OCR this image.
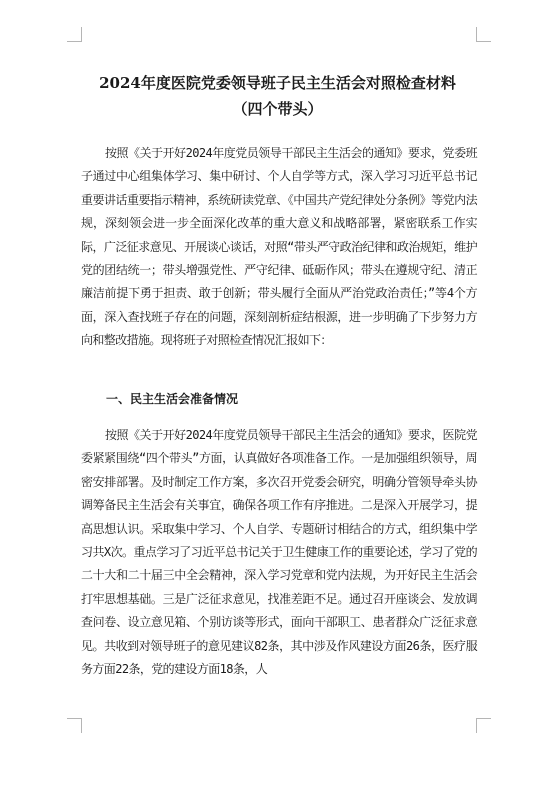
2024年度医院党委领导班子民主生活会对照检查材料
（四个带头）

按照《关于开好2024年度党员领导干部民主生活会的通知》要求，党委班子通过中心组集体学习、集中研讨、个人自学等方式，深入学习习近平总书记重要讲话重要指示精神，系统研读党章、《中国共产党纪律处分条例》等党内法规，深刻领会进一步全面深化改革的重大意义和战略部署，紧密联系工作实际，广泛征求意见、开展谈心谈话，对照“带头严守政治纪律和政治规矩，维护党的团结统一；带头增强党性、严守纪律、砥砺作风；带头在遵规守纪、清正廉洁前提下勇于担责、敢于创新；带头履行全面从严治党政治责任；”等4个方面，深入查找班子存在的问题，深刻剖析症结根源，进一步明确了下步努力方向和整改措施。现将班子对照检查情况汇报如下：

一、民主生活会准备情况

按照《关于开好2024年度党员领导干部民主生活会的通知》要求，医院党委紧紧围绕“四个带头”方面，认真做好各项准备工作。一是加强组织领导，周密安排部署。及时制定工作方案，多次召开党委会研究，明确分管领导牵头协调筹备民主生活会有关事宜，确保各项工作有序推进。二是深入开展学习，提高思想认识。采取集中学习、个人自学、专题研讨相结合的方式，组织集中学习共X次。重点学习了习近平总书记关于卫生健康工作的重要论述，学习了党的二十大和二十届三中全会精神，深入学习党章和党内法规，为开好民主生活会打牢思想基础。三是广泛征求意见，找准差距不足。通过召开座谈会、发放调查问卷、设立意见箱、个别访谈等形式，面向干部职工、患者群众广泛征求意见。共收到对领导班子的意见建议82条，其中涉及作风建设方面26条，医疗服务方面22条，党的建设方面18条，人
